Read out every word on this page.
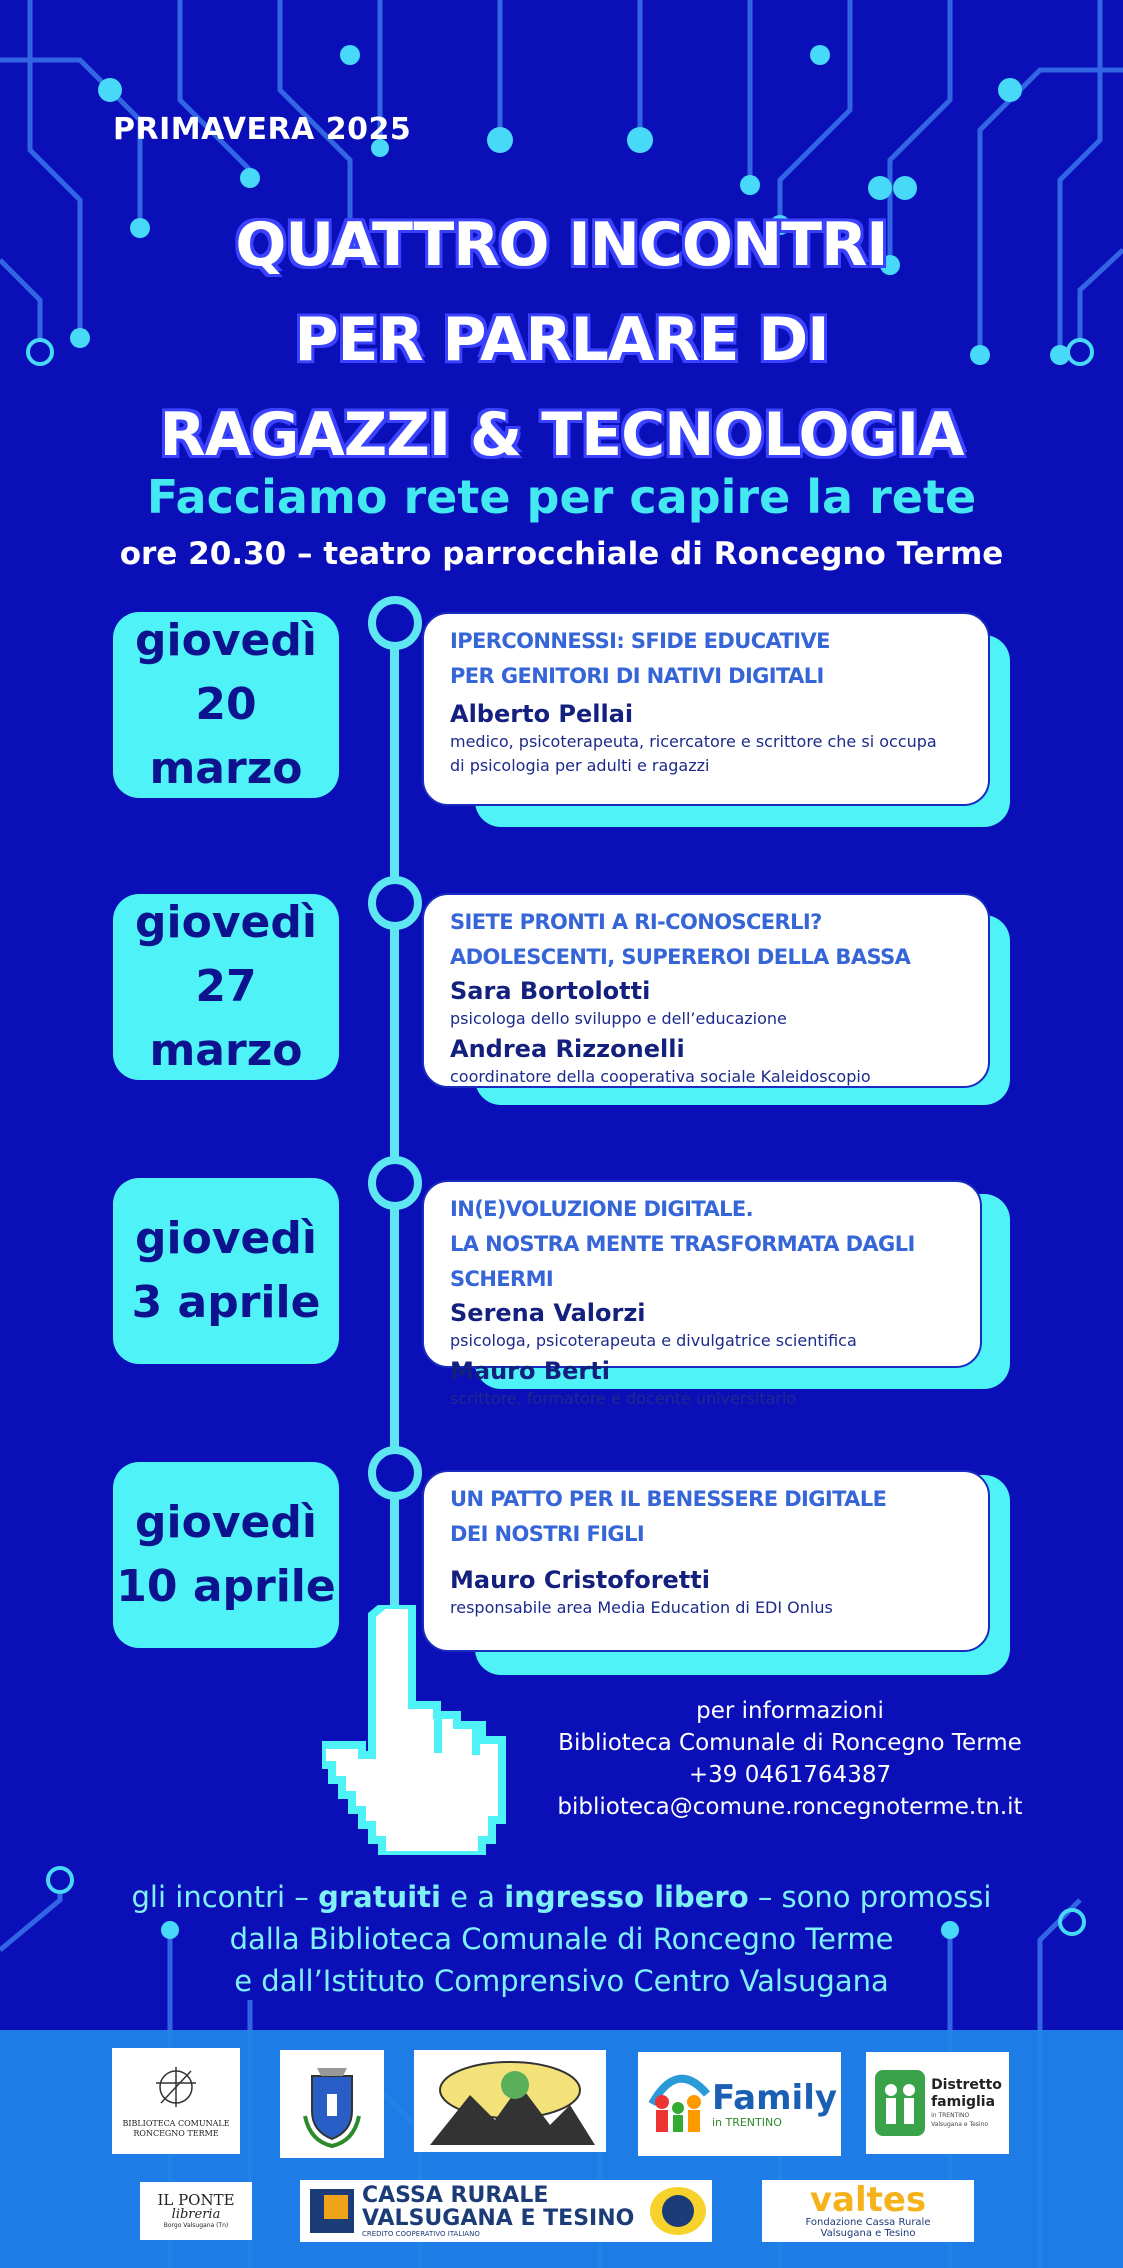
PRIMAVERA 2025
QUATTRO INCONTRI
PER PARLARE DI
RAGAZZI & TECNOLOGIA
Facciamo rete per capire la rete
ore 20.30 – teatro parrocchiale di Roncegno Terme
giovedì
20 marzo
IPERCONNESSI: SFIDE EDUCATIVE
PER GENITORI DI NATIVI DIGITALI
Alberto Pellai
medico, psicoterapeuta, ricercatore e scrittore che si occupa
di psicologia per adulti e ragazzi
giovedì
27 marzo
SIETE PRONTI A RI-CONOSCERLI?
ADOLESCENTI, SUPEREROI DELLA BASSA
Sara Bortolotti
psicologa dello sviluppo e dell’educazione
Andrea Rizzonelli
coordinatore della cooperativa sociale Kaleidoscopio
giovedì
3 aprile
IN(E)VOLUZIONE DIGITALE.
LA NOSTRA MENTE TRASFORMATA DAGLI SCHERMI
Serena Valorzi
psicologa, psicoterapeuta e divulgatrice scientifica
Mauro Berti
scrittore, formatore e docente universitario
giovedì
10 aprile
UN PATTO PER IL BENESSERE DIGITALE
DEI NOSTRI FIGLI
Mauro Cristoforetti
responsabile area Media Education di EDI Onlus
per informazioni
Biblioteca Comunale di Roncegno Terme
+39 0461764387
biblioteca@comune.roncegnoterme.tn.it
gli incontri – gratuiti e a ingresso libero – sono promossi
dalla Biblioteca Comunale di Roncegno Terme
e dall’Istituto Comprensivo Centro Valsugana
BIBLIOTECA COMUNALE
RONCEGNO TERME
Family
in TRENTINO
Distretto
famiglia
in TRENTINO
Valsugana e Tesino
IL PONTE
libreria
Borgo Valsugana (Tn)
CASSA RURALE
VALSUGANA E TESINO
CREDITO COOPERATIVO ITALIANO
valtes
Fondazione Cassa Rurale
Valsugana e Tesino
